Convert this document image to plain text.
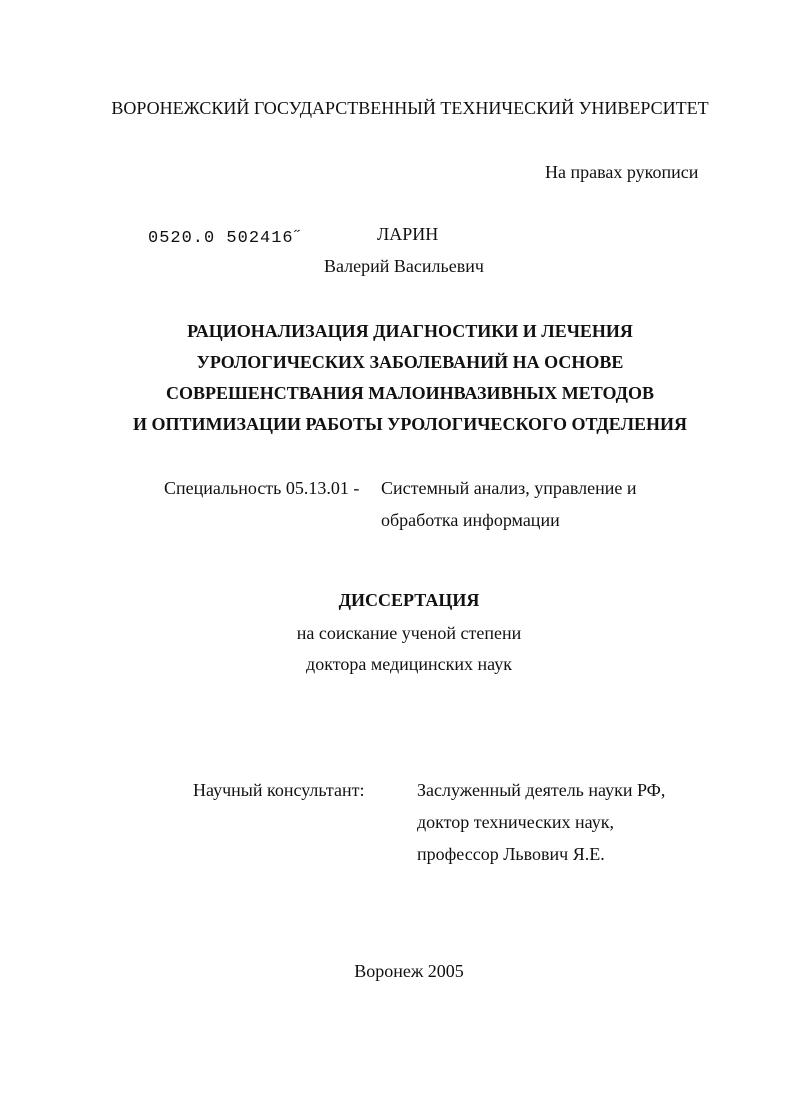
ВОРОНЕЖСКИЙ ГОСУДАРСТВЕННЫЙ ТЕХНИЧЕСКИЙ УНИВЕРСИТЕТ
На правах рукописи
0520.0 502416˝	ЛАРИН
Валерий Васильевич
РАЦИОНАЛИЗАЦИЯ ДИАГНОСТИКИ И ЛЕЧЕНИЯ
УРОЛОГИЧЕСКИХ ЗАБОЛЕВАНИЙ НА ОСНОВЕ
СОВРЕШЕНСТВАНИЯ МАЛОИНВАЗИВНЫХ МЕТОДОВ
И ОПТИМИЗАЦИИ РАБОТЫ УРОЛОГИЧЕСКОГО ОТДЕЛЕНИЯ
Специальность 05.13.01 - Системный анализ, управление и
обработка информации
ДИССЕРТАЦИЯ
на соискание ученой степени
доктора медицинских наук
Научный консультант:	Заслуженный деятель науки РФ,
доктор технических наук,
профессор Львович Я.Е.
Воронеж 2005
